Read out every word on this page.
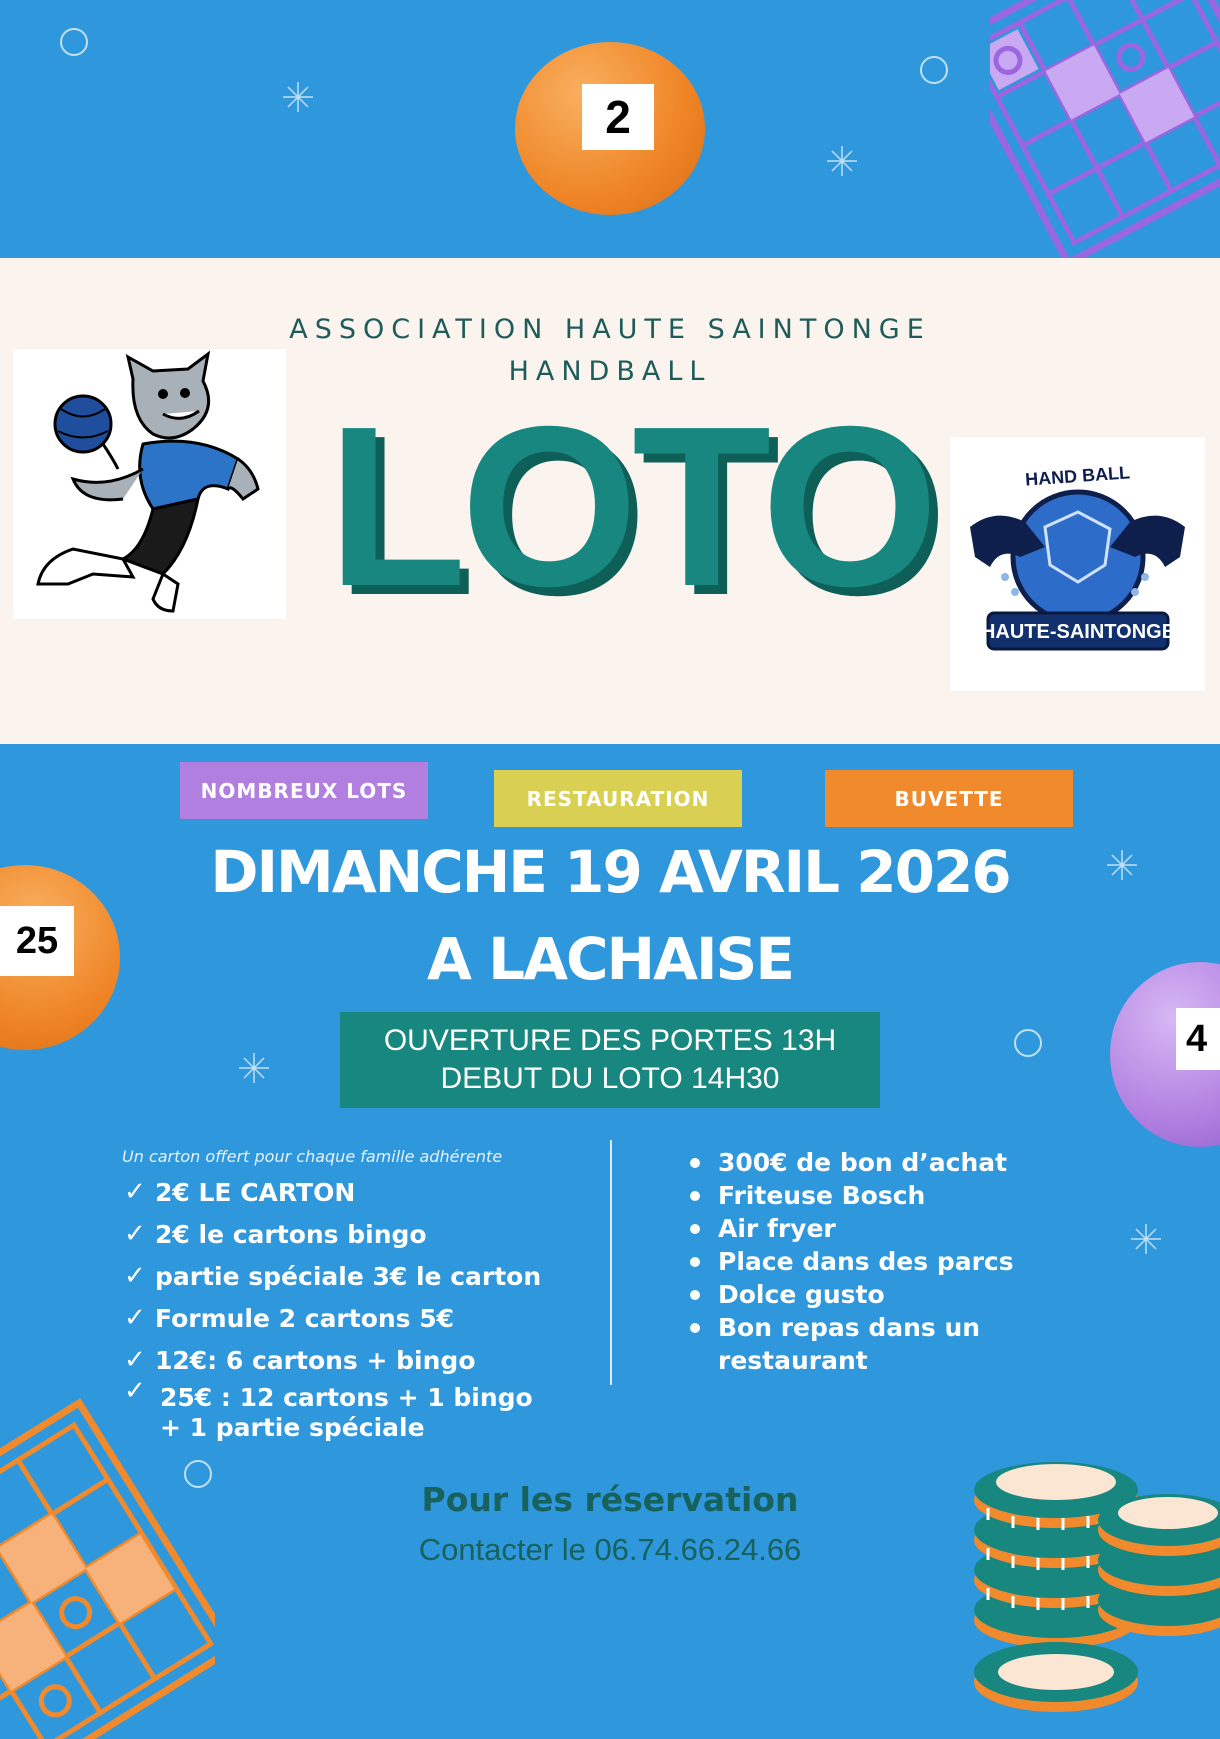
2
ASSOCIATION HAUTE SAINTONGE
HANDBALL
LOTO	HAND BALL
HAUTE-SAINTONGE
NOMBREUX LOTS	RESTAURATION	BUVETTE
25
4
DIMANCHE 19 AVRIL 2026
A LACHAISE
OUVERTURE DES PORTES 13H
DEBUT DU LOTO 14H30
Un carton offert pour chaque famille adhérente
✓ 2€ LE CARTON
✓ 2€ le cartons bingo
✓ partie spéciale 3€ le carton
✓ Formule 2 cartons 5€
✓ 12€: 6 cartons + bingo
✓ 25€ : 12 cartons + 1 bingo
+ 1 partie spéciale
300€ de bon d’achat
Friteuse Bosch
Air fryer
Place dans des parcs
Dolce gusto
Bon repas dans un restaurant
Pour les réservation
Contacter le 06.74.66.24.66
